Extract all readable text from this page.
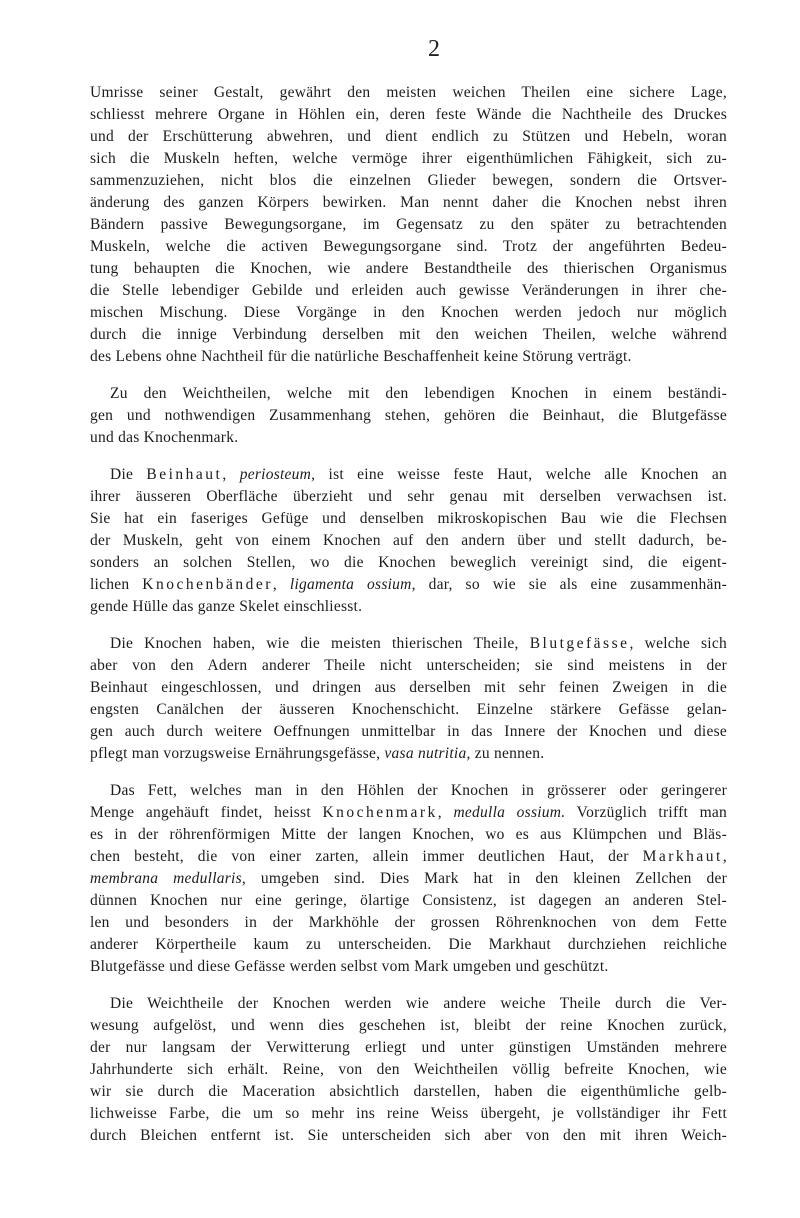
2

Umrisse seiner Gestalt, gewährt den meisten weichen Theilen eine sichere Lage,
schliesst mehrere Organe in Höhlen ein, deren feste Wände die Nachtheile des Druckes
und der Erschütterung abwehren, und dient endlich zu Stützen und Hebeln, woran
sich die Muskeln heften, welche vermöge ihrer eigenthümlichen Fähigkeit, sich zu-
sammenzuziehen, nicht blos die einzelnen Glieder bewegen, sondern die Ortsver-
änderung des ganzen Körpers bewirken. Man nennt daher die Knochen nebst ihren
Bändern passive Bewegungsorgane, im Gegensatz zu den später zu betrachtenden
Muskeln, welche die activen Bewegungsorgane sind. Trotz der angeführten Bedeu-
tung behaupten die Knochen, wie andere Bestandtheile des thierischen Organismus
die Stelle lebendiger Gebilde und erleiden auch gewisse Veränderungen in ihrer che-
mischen Mischung. Diese Vorgänge in den Knochen werden jedoch nur möglich
durch die innige Verbindung derselben mit den weichen Theilen, welche während
des Lebens ohne Nachtheil für die natürliche Beschaffenheit keine Störung verträgt.

Zu den Weichtheilen, welche mit den lebendigen Knochen in einem beständi-
gen und nothwendigen Zusammenhang stehen, gehören die Beinhaut, die Blutgefässe
und das Knochenmark.

Die Beinhaut, periosteum, ist eine weisse feste Haut, welche alle Knochen an
ihrer äusseren Oberfläche überzieht und sehr genau mit derselben verwachsen ist.
Sie hat ein faseriges Gefüge und denselben mikroskopischen Bau wie die Flechsen
der Muskeln, geht von einem Knochen auf den andern über und stellt dadurch, be-
sonders an solchen Stellen, wo die Knochen beweglich vereinigt sind, die eigent-
lichen Knochenbänder, ligamenta ossium, dar, so wie sie als eine zusammenhän-
gende Hülle das ganze Skelet einschliesst.

Die Knochen haben, wie die meisten thierischen Theile, Blutgefässe, welche sich
aber von den Adern anderer Theile nicht unterscheiden; sie sind meistens in der
Beinhaut eingeschlossen, und dringen aus derselben mit sehr feinen Zweigen in die
engsten Canälchen der äusseren Knochenschicht. Einzelne stärkere Gefässe gelan-
gen auch durch weitere Oeffnungen unmittelbar in das Innere der Knochen und diese
pflegt man vorzugsweise Ernährungsgefässe, vasa nutritia, zu nennen.

Das Fett, welches man in den Höhlen der Knochen in grösserer oder geringerer
Menge angehäuft findet, heisst Knochenmark, medulla ossium. Vorzüglich trifft man
es in der röhrenförmigen Mitte der langen Knochen, wo es aus Klümpchen und Bläs-
chen besteht, die von einer zarten, allein immer deutlichen Haut, der Markhaut,
membrana medullaris, umgeben sind. Dies Mark hat in den kleinen Zellchen der
dünnen Knochen nur eine geringe, ölartige Consistenz, ist dagegen an anderen Stel-
len und besonders in der Markhöhle der grossen Röhrenknochen von dem Fette
anderer Körpertheile kaum zu unterscheiden. Die Markhaut durchziehen reichliche
Blutgefässe und diese Gefässe werden selbst vom Mark umgeben und geschützt.

Die Weichtheile der Knochen werden wie andere weiche Theile durch die Ver-
wesung aufgelöst, und wenn dies geschehen ist, bleibt der reine Knochen zurück,
der nur langsam der Verwitterung erliegt und unter günstigen Umständen mehrere
Jahrhunderte sich erhält. Reine, von den Weichtheilen völlig befreite Knochen, wie
wir sie durch die Maceration absichtlich darstellen, haben die eigenthümliche gelb-
lichweisse Farbe, die um so mehr ins reine Weiss übergeht, je vollständiger ihr Fett
durch Bleichen entfernt ist. Sie unterscheiden sich aber von den mit ihren Weich-
